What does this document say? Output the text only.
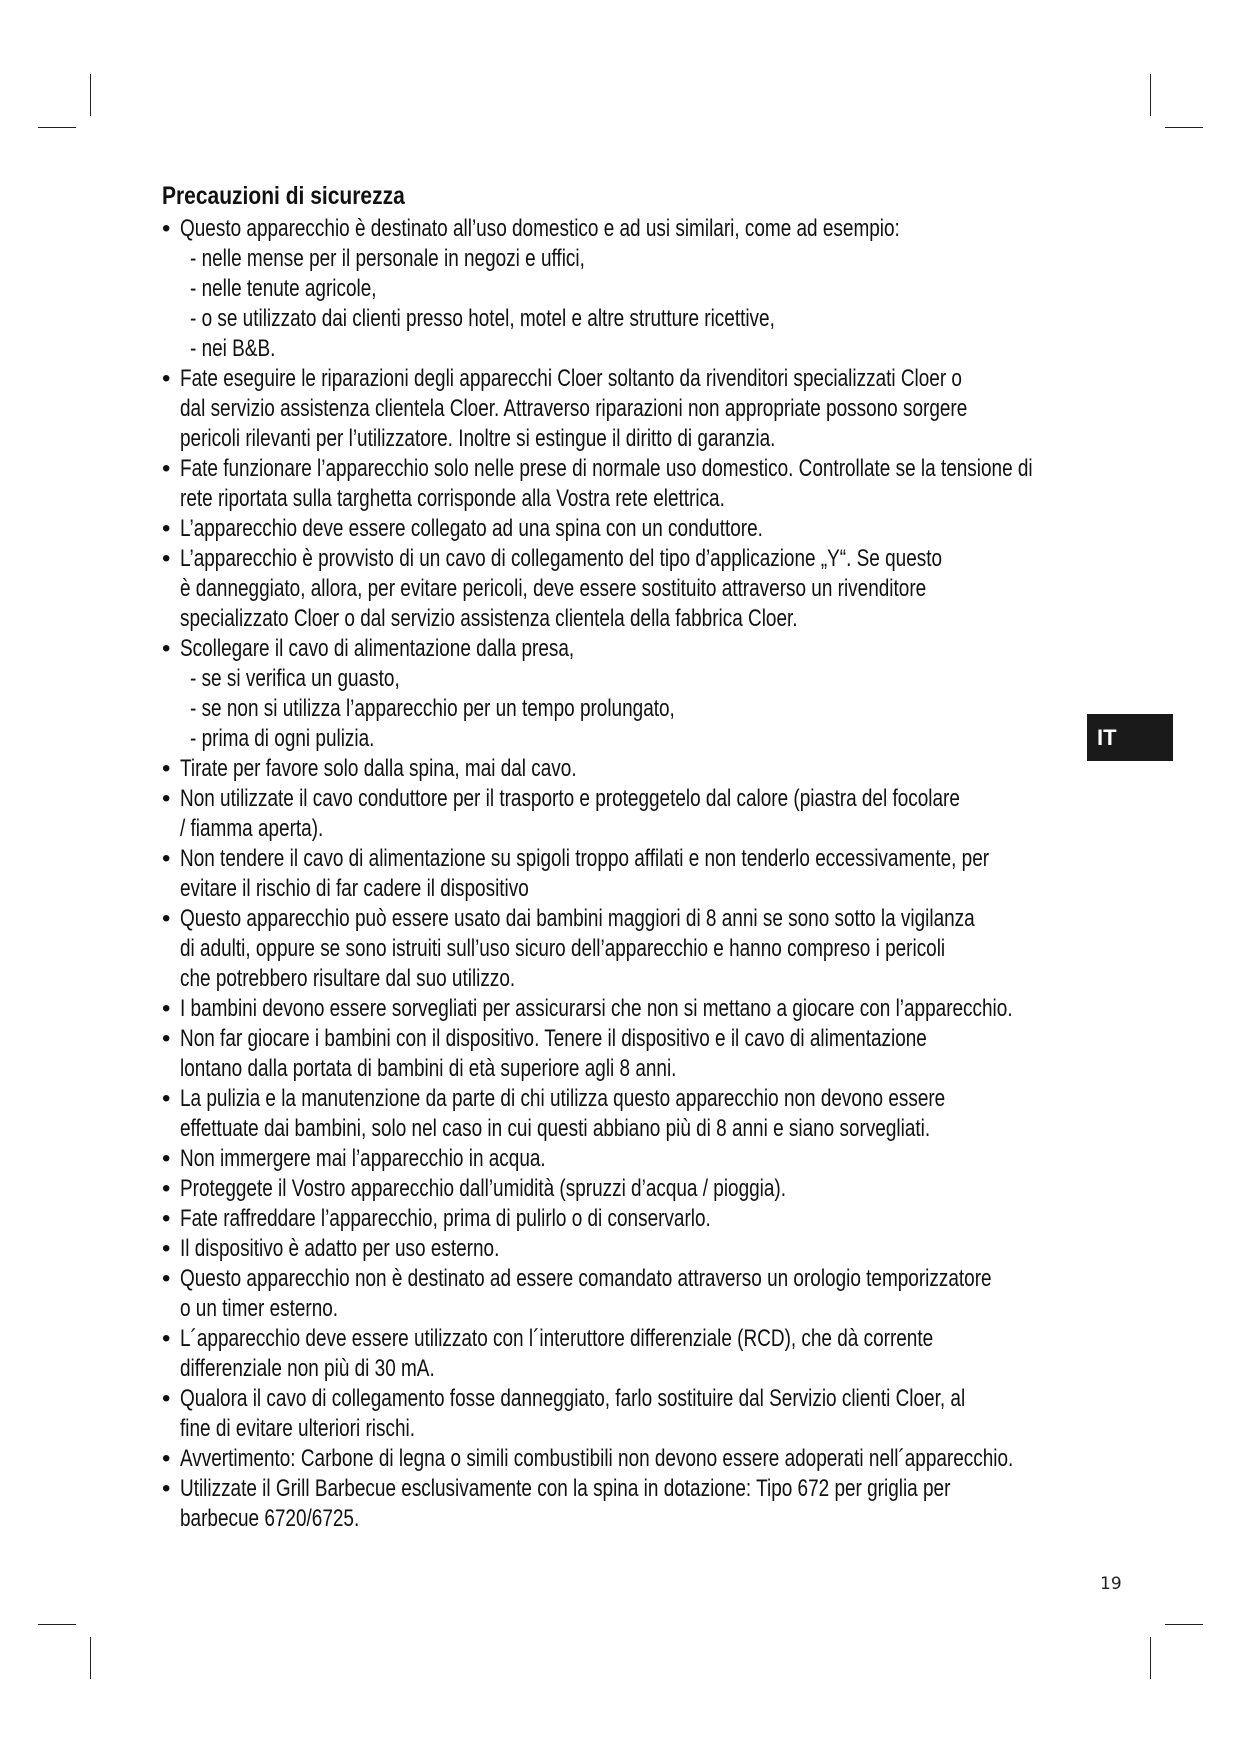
Precauzioni di sicurezza
• Questo apparecchio è destinato all’uso domestico e ad usi similari, come ad esempio:
- nelle mense per il personale in negozi e uffici,
- nelle tenute agricole,
- o se utilizzato dai clienti presso hotel, motel e altre strutture ricettive,
- nei B&B.
• Fate eseguire le riparazioni degli apparecchi Cloer soltanto da rivenditori specializzati Cloer o
dal servizio assistenza clientela Cloer. Attraverso riparazioni non appropriate possono sorgere
pericoli rilevanti per l’utilizzatore. Inoltre si estingue il diritto di garanzia.
• Fate funzionare l’apparecchio solo nelle prese di normale uso domestico. Controllate se la tensione di
rete riportata sulla targhetta corrisponde alla Vostra rete elettrica.
• L’apparecchio deve essere collegato ad una spina con un conduttore.
• L’apparecchio è provvisto di un cavo di collegamento del tipo d’applicazione „Y“. Se questo
è danneggiato, allora, per evitare pericoli, deve essere sostituito attraverso un rivenditore
specializzato Cloer o dal servizio assistenza clientela della fabbrica Cloer.
• Scollegare il cavo di alimentazione dalla presa,
- se si verifica un guasto,
- se non si utilizza l’apparecchio per un tempo prolungato,
- prima di ogni pulizia.
• Tirate per favore solo dalla spina, mai dal cavo.
• Non utilizzate il cavo conduttore per il trasporto e proteggetelo dal calore (piastra del focolare
/ fiamma aperta).
• Non tendere il cavo di alimentazione su spigoli troppo affilati e non tenderlo eccessivamente, per
evitare il rischio di far cadere il dispositivo
• Questo apparecchio può essere usato dai bambini maggiori di 8 anni se sono sotto la vigilanza
di adulti, oppure se sono istruiti sull’uso sicuro dell’apparecchio e hanno compreso i pericoli
che potrebbero risultare dal suo utilizzo.
• I bambini devono essere sorvegliati per assicurarsi che non si mettano a giocare con l’apparecchio.
• Non far giocare i bambini con il dispositivo. Tenere il dispositivo e il cavo di alimentazione
lontano dalla portata di bambini di età superiore agli 8 anni.
• La pulizia e la manutenzione da parte di chi utilizza questo apparecchio non devono essere
effettuate dai bambini, solo nel caso in cui questi abbiano più di 8 anni e siano sorvegliati.
• Non immergere mai l’apparecchio in acqua.
• Proteggete il Vostro apparecchio dall’umidità (spruzzi d’acqua / pioggia).
• Fate raffreddare l’apparecchio, prima di pulirlo o di conservarlo.
• Il dispositivo è adatto per uso esterno.
• Questo apparecchio non è destinato ad essere comandato attraverso un orologio temporizzatore
o un timer esterno.
• L´apparecchio deve essere utilizzato con l´interuttore differenziale (RCD), che dà corrente
differenziale non più di 30 mA.
• Qualora il cavo di collegamento fosse danneggiato, farlo sostituire dal Servizio clienti Cloer, al
fine di evitare ulteriori rischi.
• Avvertimento: Carbone di legna o simili combustibili non devono essere adoperati nell´apparecchio.
• Utilizzate il Grill Barbecue esclusivamente con la spina in dotazione: Tipo 672 per griglia per
barbecue 6720/6725.
IT
19
